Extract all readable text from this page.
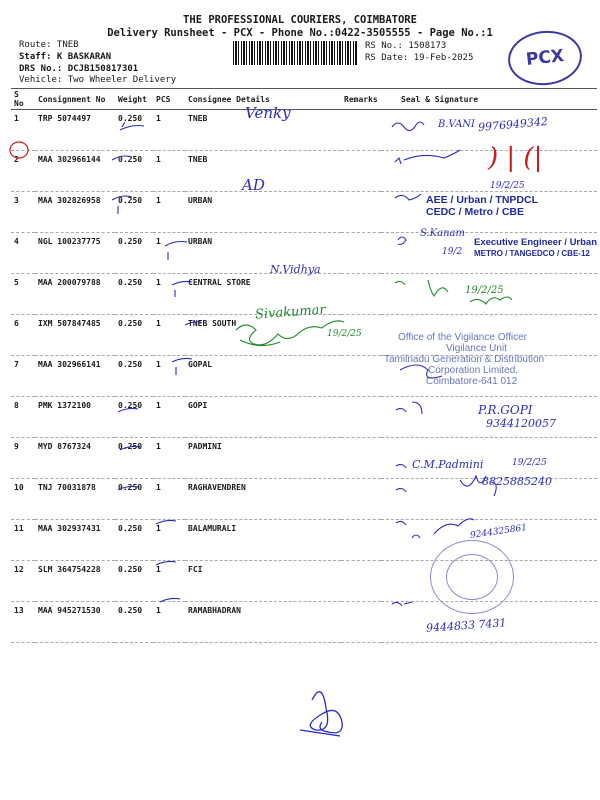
THE PROFESSIONAL COURIERS, COIMBATORE
Delivery Runsheet - PCX - Phone No.:0422-3505555 - Page No.:1
Route: TNEB
Staff: K BASKARAN
DRS No.: DCJB150817301
Vehicle: Two Wheeler Delivery
RS No.: 1508173
RS Date: 19-Feb-2025	PCX
S No	Consignment No	Weight	PCS	Consignee Details	Remarks	Seal & Signature
1	TRP 5074497	0.250	1	TNEB		
2	MAA 302966144	0.250	1	TNEB		
3	MAA 302826958	0.250	1	URBAN		
4	NGL 100237775	0.250	1	URBAN		
5	MAA 200079788	0.250	1	CENTRAL STORE		
6	IXM 507847485	0.250	1	TNEB SOUTH		
7	MAA 302966141	0.250	1	GOPAL		
8	PMK 1372100	0.250	1	GOPI		
9	MYD 8767324	0.250	1	PADMINI		
10	TNJ 70031878	0.250	1	RAGHAVENDREN		
11	MAA 302937431	0.250	1	BALAMURALI		
12	SLM 364754228	0.250	1	FCI		
13	MAA 945271530	0.250	1	RAMABHADRAN		
Venky
B.VANI 9976949342
) | (|
AD	19/2/25
AEE / Urban / TNPDCL
CEDC / Metro / CBE
S.Kanam
19/2
Executive Engineer / Urban
METRO / TANGEDCO / CBE-12
N.Vidhya
19/2/25
Sivakumar
19/2/25	Office of the Vigilance Officer
Vigilance Unit
Tamilnadu Generation & Distribution
Corporation Limited,
Coimbatore-641 012
P.R.GOPI
9344120057
C.M.Padmini	19/2/25
8825885240
9244325861
9444833 7431
